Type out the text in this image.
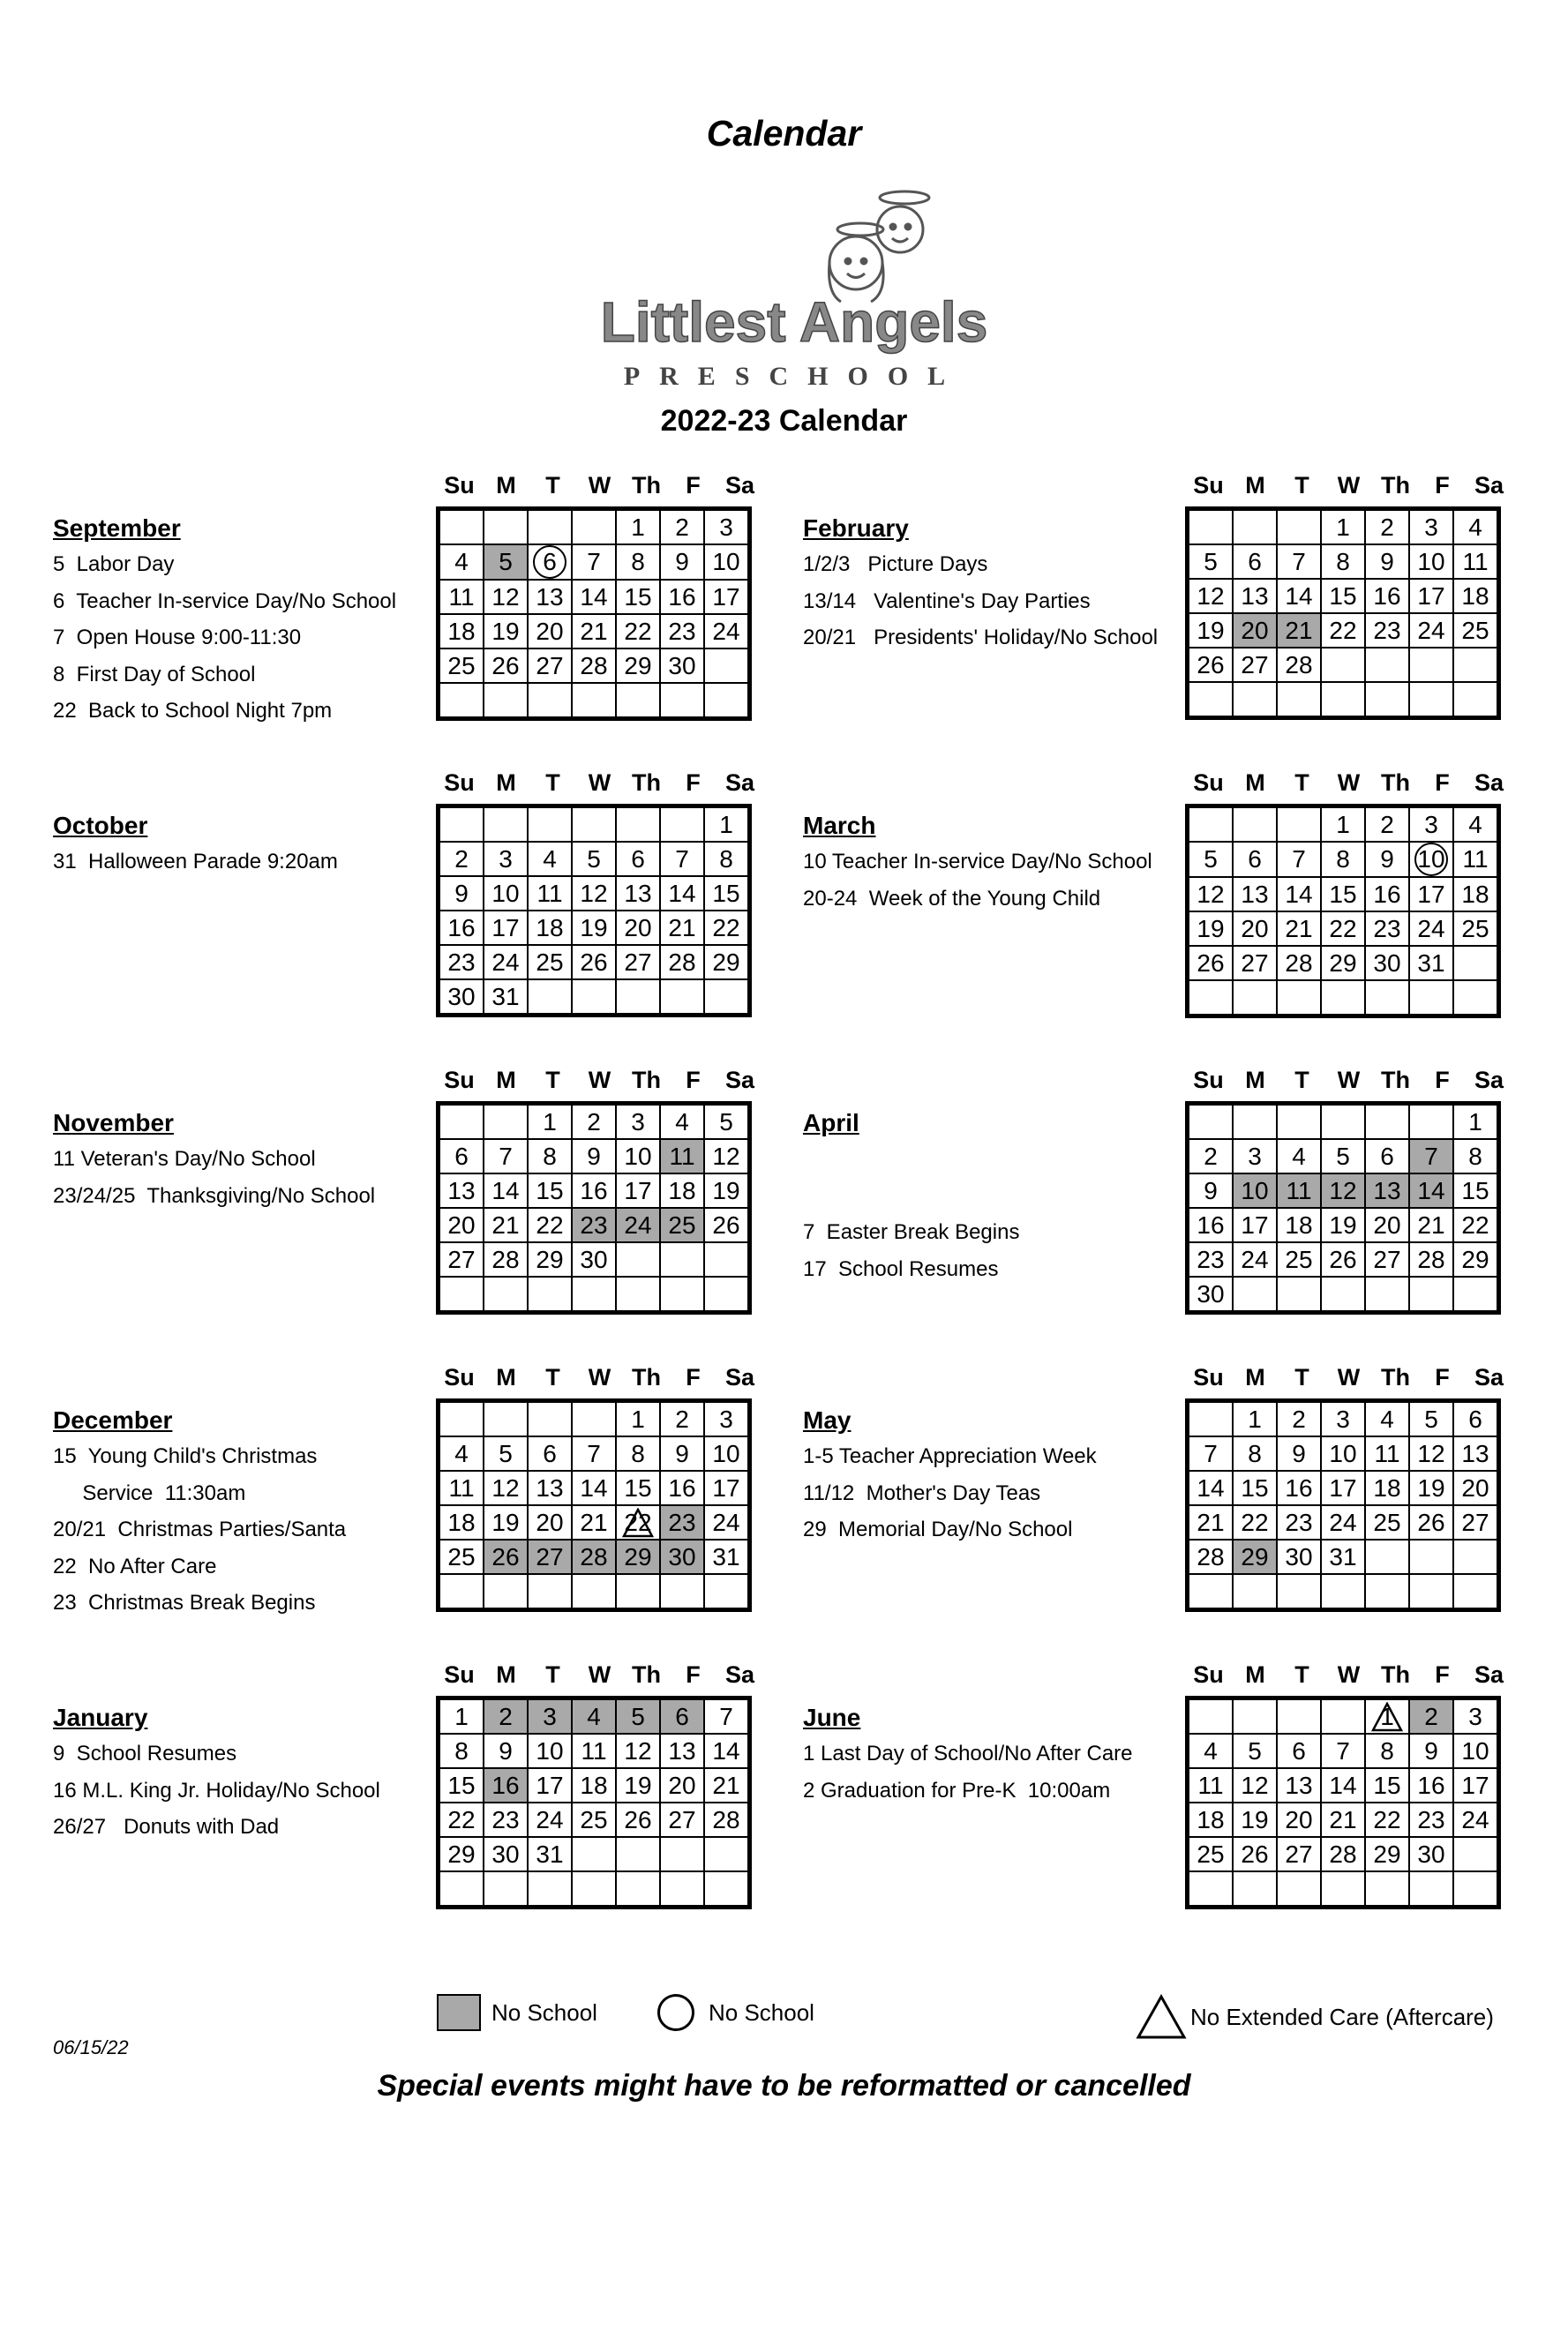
Calendar
Littlest Angels
PRESCHOOL
2022-23 Calendar
No School	No School	No Extended Care (Aftercare)
06/15/22
Special events might have to be reformatted or cancelled
September
5  Labor Day
6  Teacher In-service Day/No School
7  Open House 9:00-11:30
8  First Day of School
22  Back to School Night 7pm
Su M	T	W Th	F	Sa
				1	2	3
4	5	6	7	8	9	10
11	12	13	14	15	16	17
18	19	20	21	22	23	24
25	26	27	28	29	30	

February
1/2/3   Picture Days
13/14   Valentine's Day Parties
20/21   Presidents' Holiday/No School
Su M	T	W Th	F	Sa
			1	2	3	4
5	6	7	8	9	10	11
12	13	14	15	16	17	18
19	20	21	22	23	24	25
26	27	28				

October
31  Halloween Parade 9:20am
Su M	T	W Th	F	Sa
						1
2	3	4	5	6	7	8
9	10	11	12	13	14	15
16	17	18	19	20	21	22
23	24	25	26	27	28	29
30	31					
March
10 Teacher In-service Day/No School
20-24  Week of the Young Child
Su M	T	W Th	F	Sa
			1	2	3	4
5	6	7	8	9	10	11
12	13	14	15	16	17	18
19	20	21	22	23	24	25
26	27	28	29	30	31	

November
11 Veteran's Day/No School
23/24/25  Thanksgiving/No School
Su M	T	W Th	F	Sa
		1	2	3	4	5
6	7	8	9	10	11	12
13	14	15	16	17	18	19
20	21	22	23	24	25	26
27	28	29	30			

April

7  Easter Break Begins
17  School Resumes
Su M	T	W Th	F	Sa
						1
2	3	4	5	6	7	8
9	10	11	12	13	14	15
16	17	18	19	20	21	22
23	24	25	26	27	28	29
30						
December
15  Young Child's Christmas
Service  11:30am
20/21  Christmas Parties/Santa
22  No After Care
23  Christmas Break Begins
Su M	T	W Th	F	Sa
				1	2	3
4	5	6	7	8	9	10
11	12	13	14	15	16	17
18	19	20	21	22	23	24
25	26	27	28	29	30	31

May
1-5 Teacher Appreciation Week
11/12  Mother's Day Teas
29  Memorial Day/No School
Su M	T	W Th	F	Sa
	1	2	3	4	5	6
7	8	9	10	11	12	13
14	15	16	17	18	19	20
21	22	23	24	25	26	27
28	29	30	31			

January
9  School Resumes
16 M.L. King Jr. Holiday/No School
26/27   Donuts with Dad
Su M	T	W Th	F	Sa
1	2	3	4	5	6	7
8	9	10	11	12	13	14
15	16	17	18	19	20	21
22	23	24	25	26	27	28
29	30	31				

June
1 Last Day of School/No After Care
2 Graduation for Pre-K  10:00am
Su M	T	W Th	F	Sa
				1	2	3
4	5	6	7	8	9	10
11	12	13	14	15	16	17
18	19	20	21	22	23	24
25	26	27	28	29	30	
